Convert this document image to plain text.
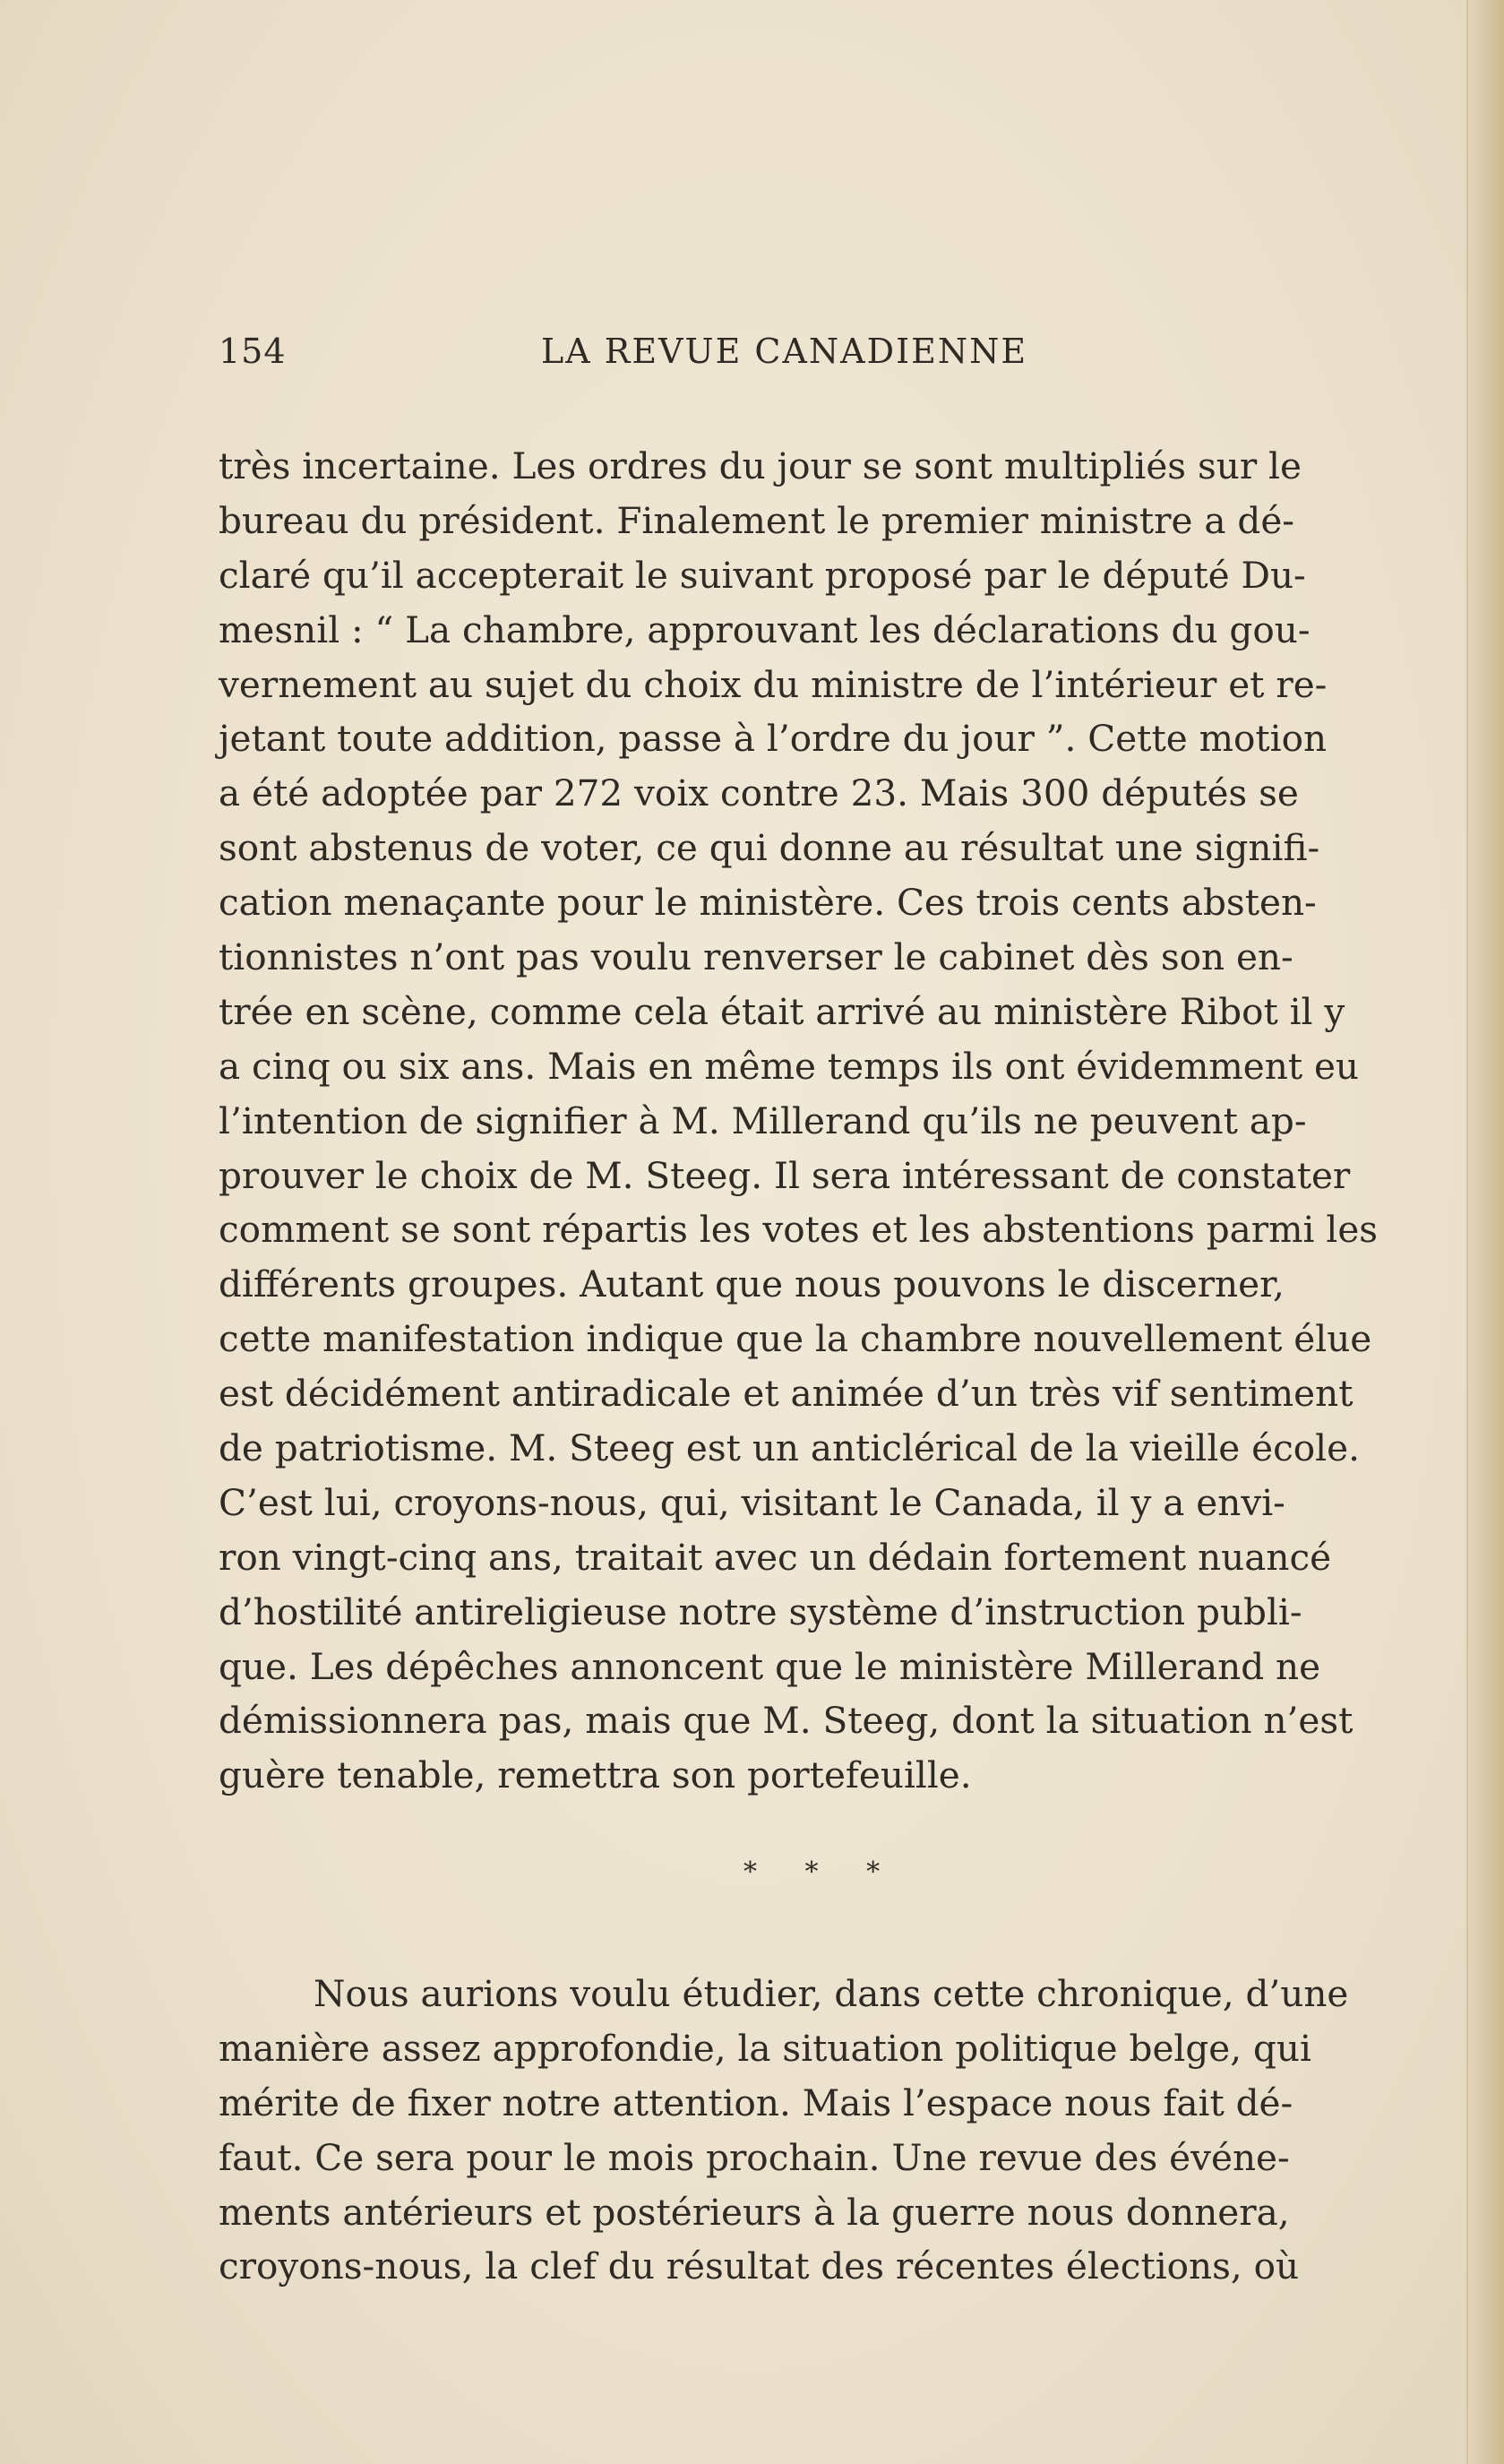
154	LA REVUE CANADIENNE
très incertaine. Les ordres du jour se sont multipliés sur le
bureau du président. Finalement le premier ministre a dé-
claré qu’il accepterait le suivant proposé par le député Du-
mesnil : “ La chambre, approuvant les déclarations du gou-
vernement au sujet du choix du ministre de l’intérieur et re-
jetant toute addition, passe à l’ordre du jour ”. Cette motion
a été adoptée par 272 voix contre 23. Mais 300 députés se
sont abstenus de voter, ce qui donne au résultat une signifi-
cation menaçante pour le ministère. Ces trois cents absten-
tionnistes n’ont pas voulu renverser le cabinet dès son en-
trée en scène, comme cela était arrivé au ministère Ribot il y
a cinq ou six ans. Mais en même temps ils ont évidemment eu
l’intention de signifier à M. Millerand qu’ils ne peuvent ap-
prouver le choix de M. Steeg. Il sera intéressant de constater
comment se sont répartis les votes et les abstentions parmi les
différents groupes. Autant que nous pouvons le discerner,
cette manifestation indique que la chambre nouvellement élue
est décidément antiradicale et animée d’un très vif sentiment
de patriotisme. M. Steeg est un anticlérical de la vieille école.
C’est lui, croyons-nous, qui, visitant le Canada, il y a envi-
ron vingt-cinq ans, traitait avec un dédain fortement nuancé
d’hostilité antireligieuse notre système d’instruction publi-
que. Les dépêches annoncent que le ministère Millerand ne
démissionnera pas, mais que M. Steeg, dont la situation n’est
guère tenable, remettra son portefeuille.
* * *
Nous aurions voulu étudier, dans cette chronique, d’une
manière assez approfondie, la situation politique belge, qui
mérite de fixer notre attention. Mais l’espace nous fait dé-
faut. Ce sera pour le mois prochain. Une revue des événe-
ments antérieurs et postérieurs à la guerre nous donnera,
croyons-nous, la clef du résultat des récentes élections, où
